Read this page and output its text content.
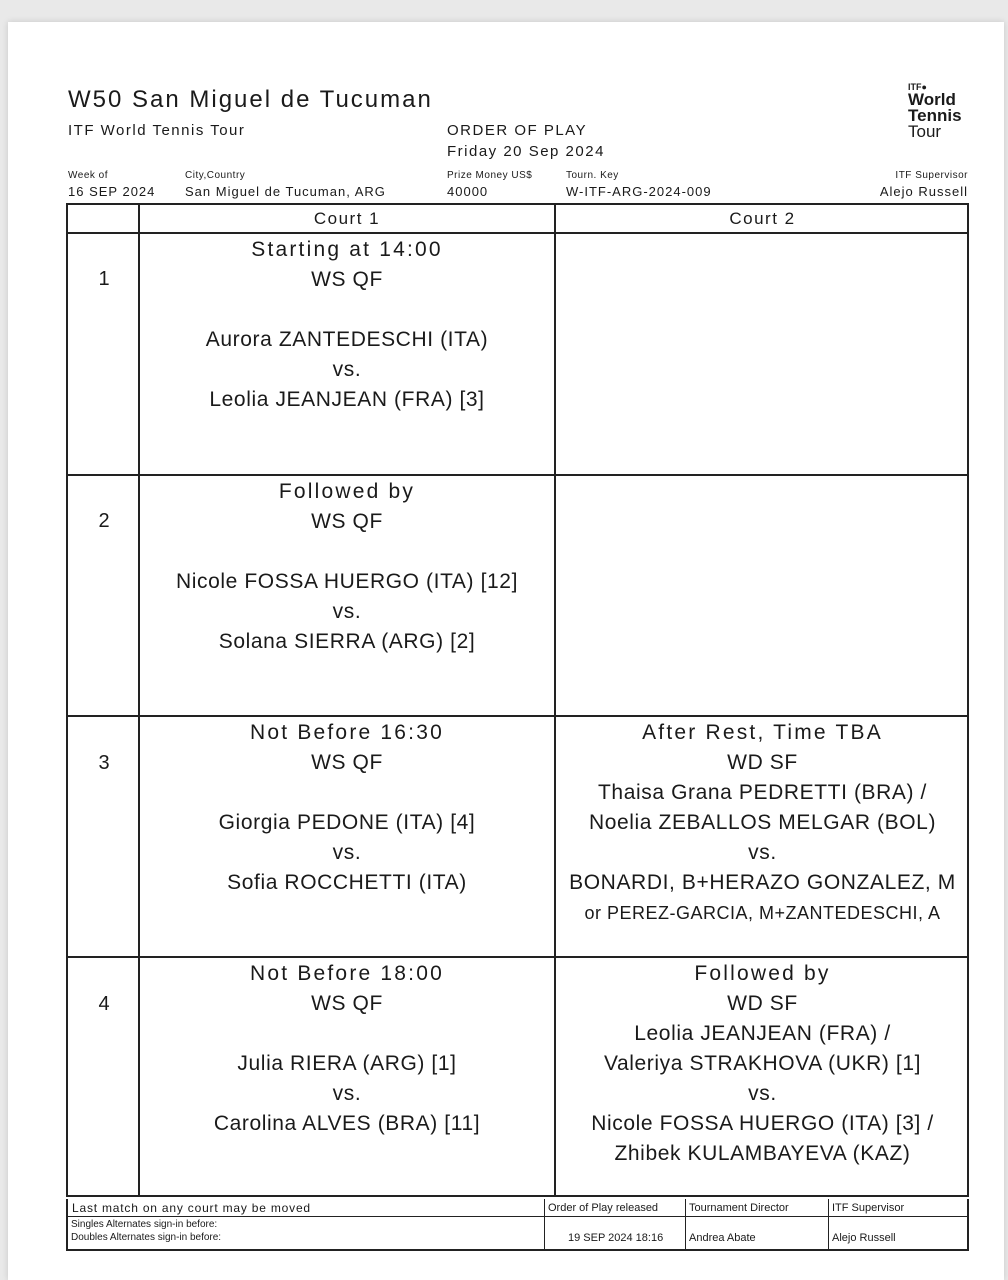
W50 San Miguel de Tucuman
ITF World Tennis Tour	ORDER OF PLAY
Friday 20 Sep 2024
Week of
16 SEP 2024
City,Country
San Miguel de Tucuman, ARG
Prize Money US$
40000
Tourn. Key
W-ITF-ARG-2024-009
ITF Supervisor
Alejo Russell
ITF●
World
Tennis
Tour
Court 1	Court 2
1
2
3
4
Starting at 14:00
WS QF
Aurora ZANTEDESCHI (ITA)
vs.
Leolia JEANJEAN (FRA) [3]
Followed by
WS QF
Nicole FOSSA HUERGO (ITA) [12]
vs.
Solana SIERRA (ARG) [2]
Not Before 16:30
WS QF
Giorgia PEDONE (ITA) [4]
vs.
Sofia ROCCHETTI (ITA)
After Rest, Time TBA
WD SF
Thaisa Grana PEDRETTI (BRA) /
Noelia ZEBALLOS MELGAR (BOL)
vs.
BONARDI, B+HERAZO GONZALEZ, M
or PEREZ-GARCIA, M+ZANTEDESCHI, A
Not Before 18:00
WS QF
Julia RIERA (ARG) [1]
vs.
Carolina ALVES (BRA) [11]
Followed by
WD SF
Leolia JEANJEAN (FRA) /
Valeriya STRAKHOVA (UKR) [1]
vs.
Nicole FOSSA HUERGO (ITA) [3] /
Zhibek KULAMBAYEVA (KAZ)
Last match on any court may be moved
Singles Alternates sign-in before:
Doubles Alternates sign-in before:
Order of Play released
19 SEP 2024 18:16
Tournament Director
Andrea Abate
ITF Supervisor
Alejo Russell
